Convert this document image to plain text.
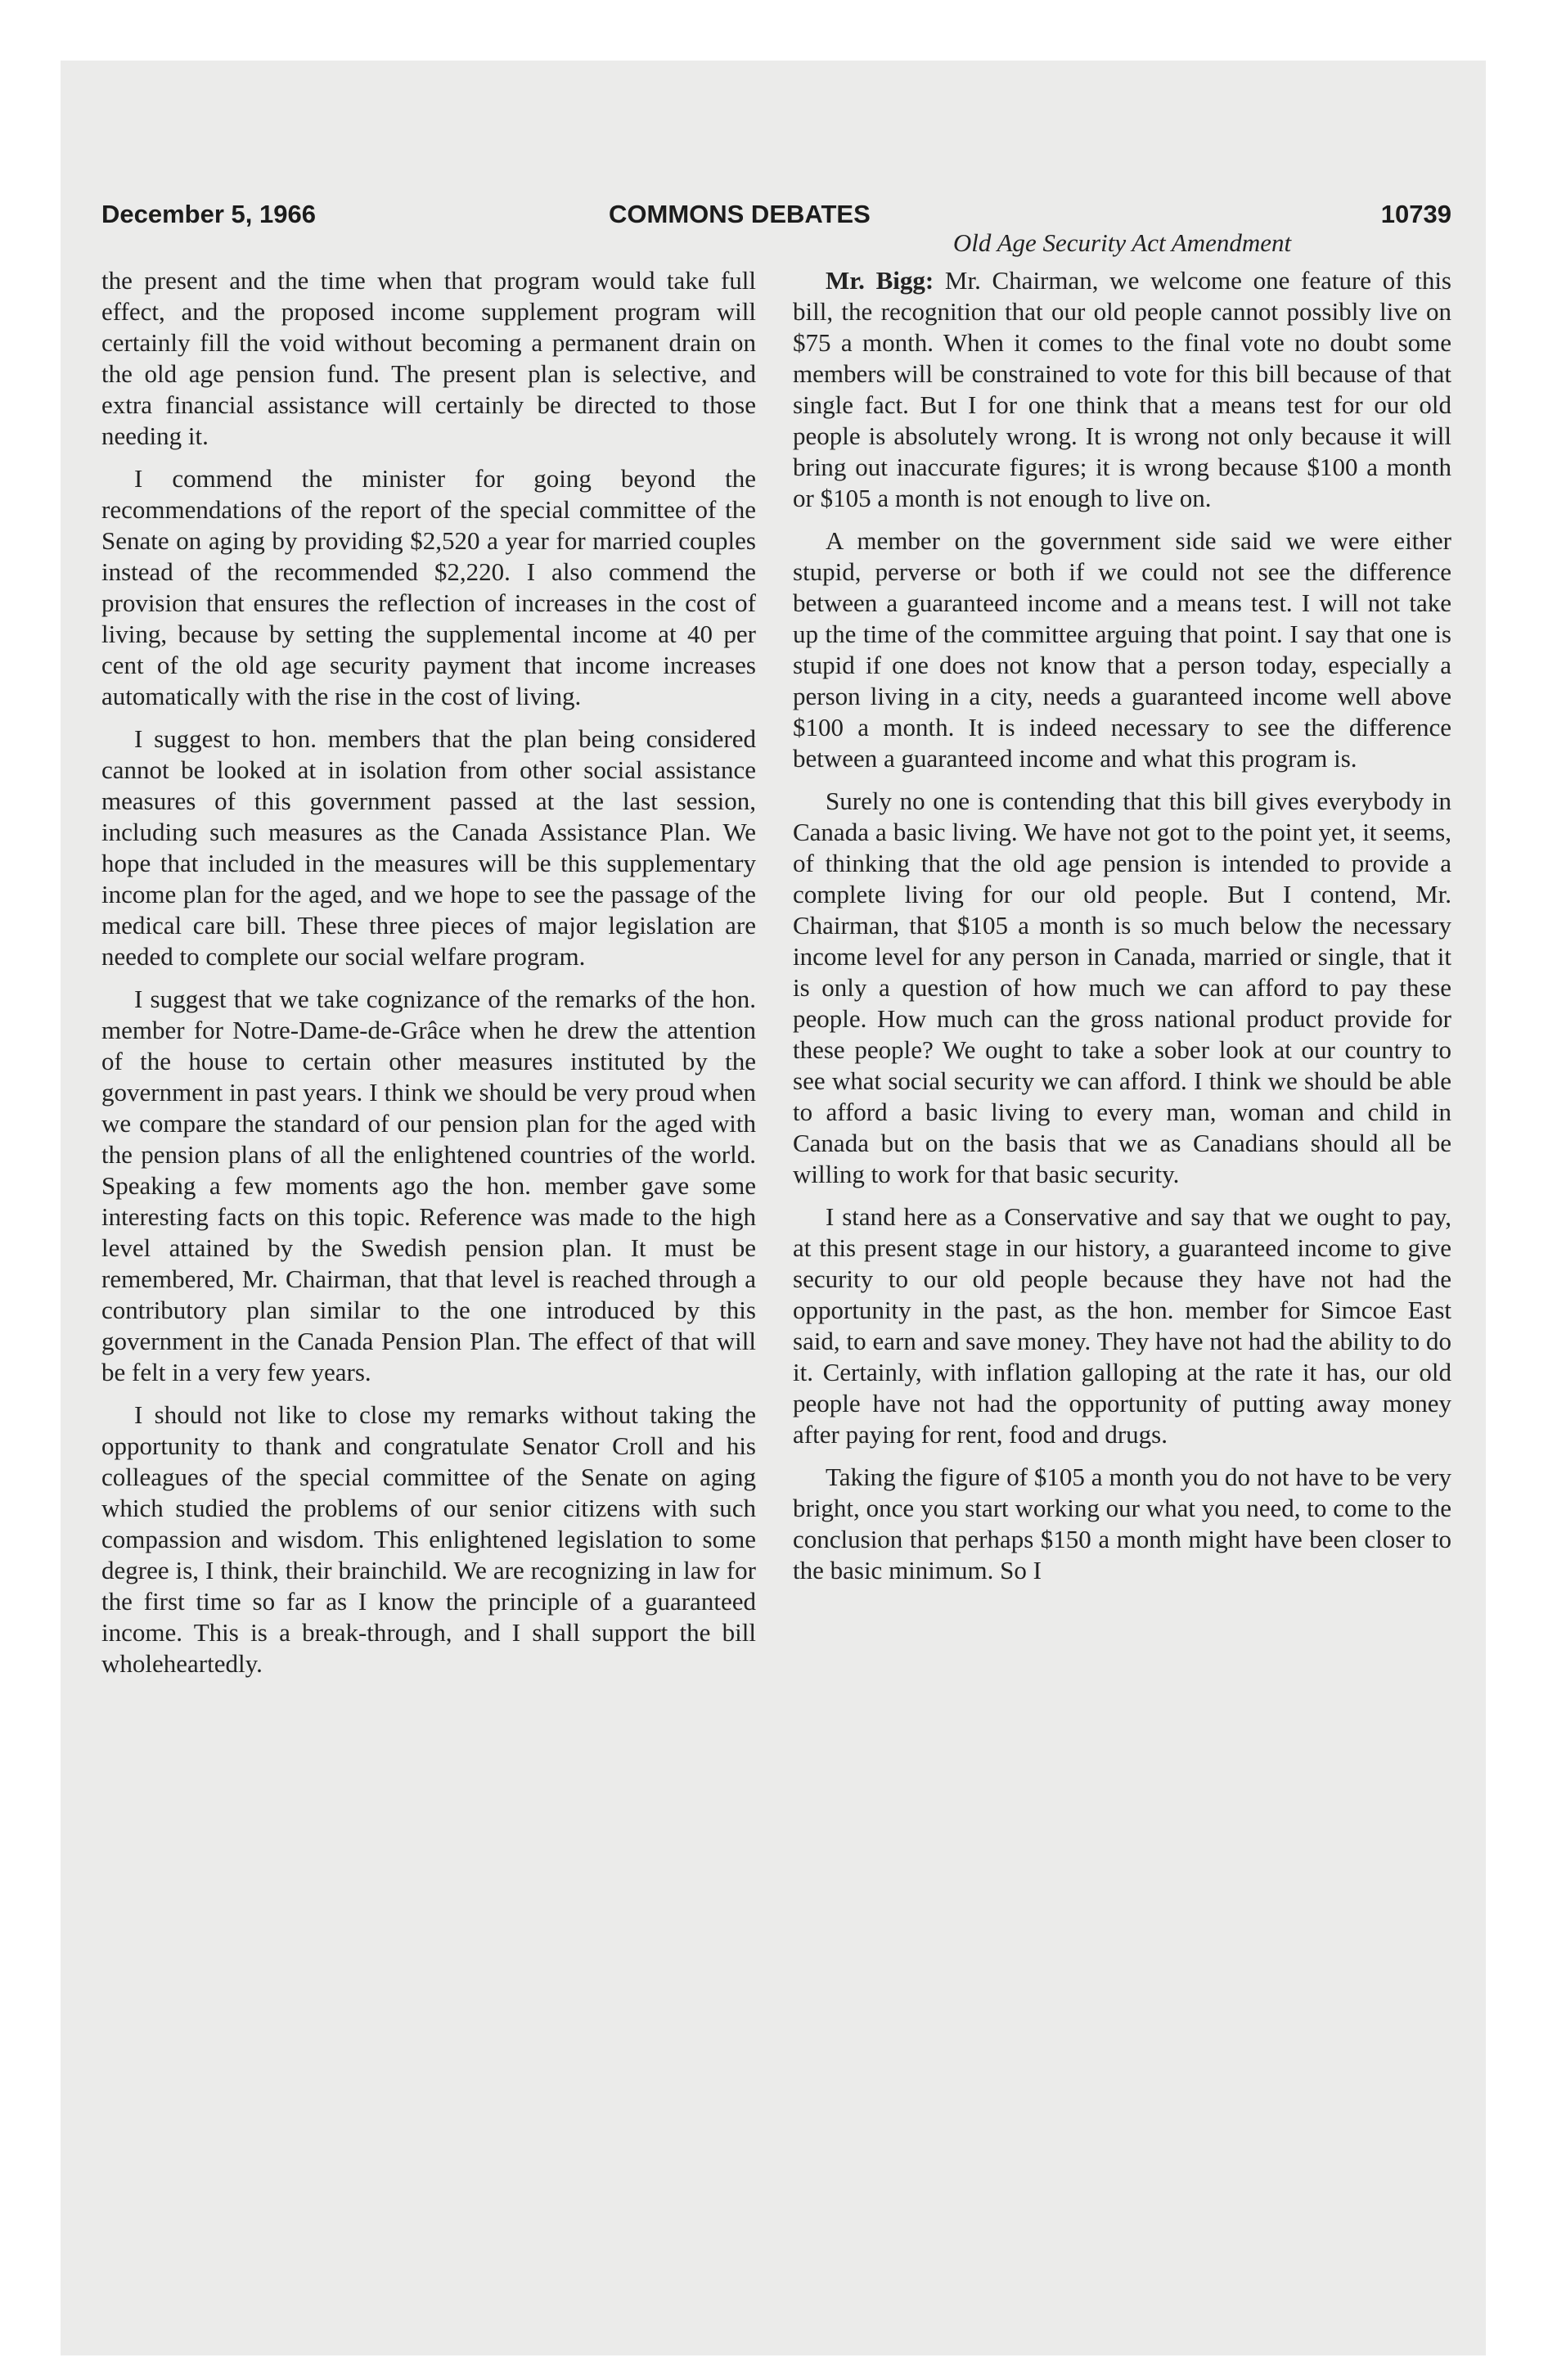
December 5, 1966	COMMONS DEBATES	10739

the present and the time when that program would take full effect, and the proposed income supplement program will certainly fill the void without becoming a permanent drain on the old age pension fund. The present plan is selective, and extra financial assistance will certainly be directed to those needing it.

I commend the minister for going beyond the recommendations of the report of the special committee of the Senate on aging by providing $2,520 a year for married couples instead of the recommended $2,220. I also commend the provision that ensures the reflection of increases in the cost of living, because by setting the supplemental income at 40 per cent of the old age security payment that income increases automatically with the rise in the cost of living.

I suggest to hon. members that the plan being considered cannot be looked at in isolation from other social assistance measures of this government passed at the last session, including such measures as the Canada Assistance Plan. We hope that included in the measures will be this supplementary income plan for the aged, and we hope to see the passage of the medical care bill. These three pieces of major legislation are needed to complete our social welfare program.

I suggest that we take cognizance of the remarks of the hon. member for Notre-Dame-de-Grâce when he drew the attention of the house to certain other measures instituted by the government in past years. I think we should be very proud when we compare the standard of our pension plan for the aged with the pension plans of all the enlightened countries of the world. Speaking a few moments ago the hon. member gave some interesting facts on this topic. Reference was made to the high level attained by the Swedish pension plan. It must be remembered, Mr. Chairman, that that level is reached through a contributory plan similar to the one introduced by this government in the Canada Pension Plan. The effect of that will be felt in a very few years.

I should not like to close my remarks without taking the opportunity to thank and congratulate Senator Croll and his colleagues of the special committee of the Senate on aging which studied the problems of our senior citizens with such compassion and wisdom. This enlightened legislation to some degree is, I think, their brainchild. We are recognizing in law for the first time so far as I know the principle of a guaranteed income. This is a break-through, and I shall support the bill wholeheartedly.

Old Age Security Act Amendment

Mr. Bigg: Mr. Chairman, we welcome one feature of this bill, the recognition that our old people cannot possibly live on $75 a month. When it comes to the final vote no doubt some members will be constrained to vote for this bill because of that single fact. But I for one think that a means test for our old people is absolutely wrong. It is wrong not only because it will bring out inaccurate figures; it is wrong because $100 a month or $105 a month is not enough to live on.

A member on the government side said we were either stupid, perverse or both if we could not see the difference between a guaranteed income and a means test. I will not take up the time of the committee arguing that point. I say that one is stupid if one does not know that a person today, especially a person living in a city, needs a guaranteed income well above $100 a month. It is indeed necessary to see the difference between a guaranteed income and what this program is.

Surely no one is contending that this bill gives everybody in Canada a basic living. We have not got to the point yet, it seems, of thinking that the old age pension is intended to provide a complete living for our old people. But I contend, Mr. Chairman, that $105 a month is so much below the necessary income level for any person in Canada, married or single, that it is only a question of how much we can afford to pay these people. How much can the gross national product provide for these people? We ought to take a sober look at our country to see what social security we can afford. I think we should be able to afford a basic living to every man, woman and child in Canada but on the basis that we as Canadians should all be willing to work for that basic security.

I stand here as a Conservative and say that we ought to pay, at this present stage in our history, a guaranteed income to give security to our old people because they have not had the opportunity in the past, as the hon. member for Simcoe East said, to earn and save money. They have not had the ability to do it. Certainly, with inflation galloping at the rate it has, our old people have not had the opportunity of putting away money after paying for rent, food and drugs.

Taking the figure of $105 a month you do not have to be very bright, once you start working our what you need, to come to the conclusion that perhaps $150 a month might have been closer to the basic minimum. So I
